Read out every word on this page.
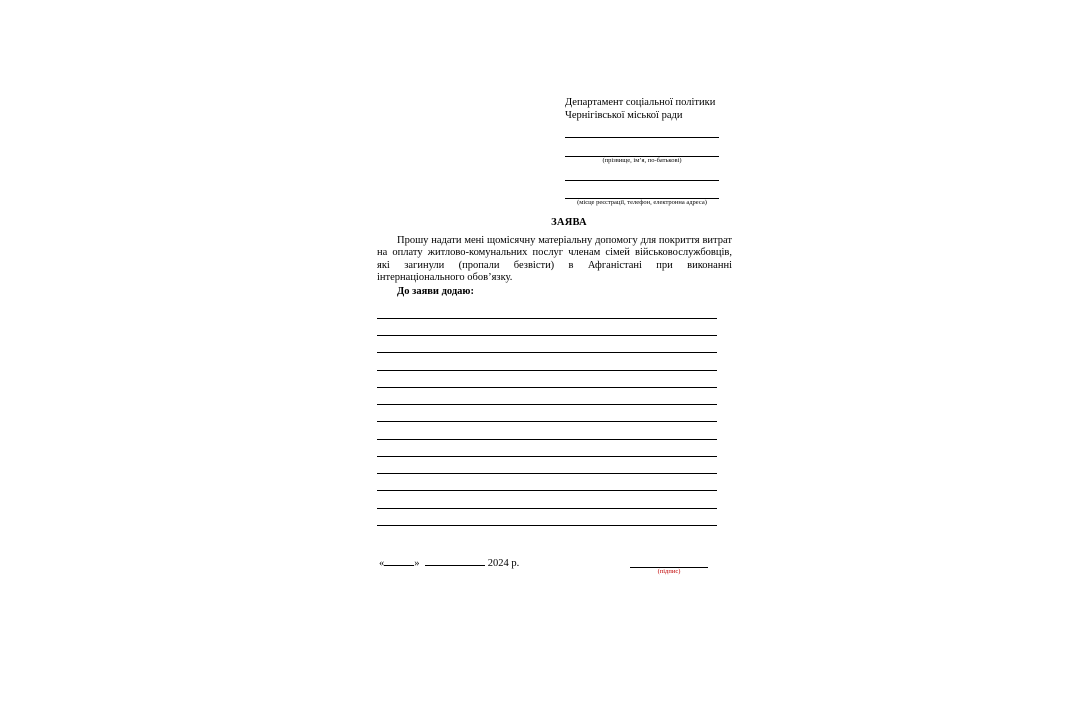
Департамент соціальної політики
Чернігівської міської ради
(прізвище, ім’я, по-батькові)
(місце реєстрації, телефон, електронна адреса)
ЗАЯВА

Прошу надати мені щомісячну матеріальну допомогу для покриття витрат на оплату житлово-комунальних послуг членам сімей військовослужбовців, які загинули (пропали безвісти) в Афганістані при виконанні інтернаціонального обов’язку.

До заяви додаю:
«	»	2024 р.
(підпис)
